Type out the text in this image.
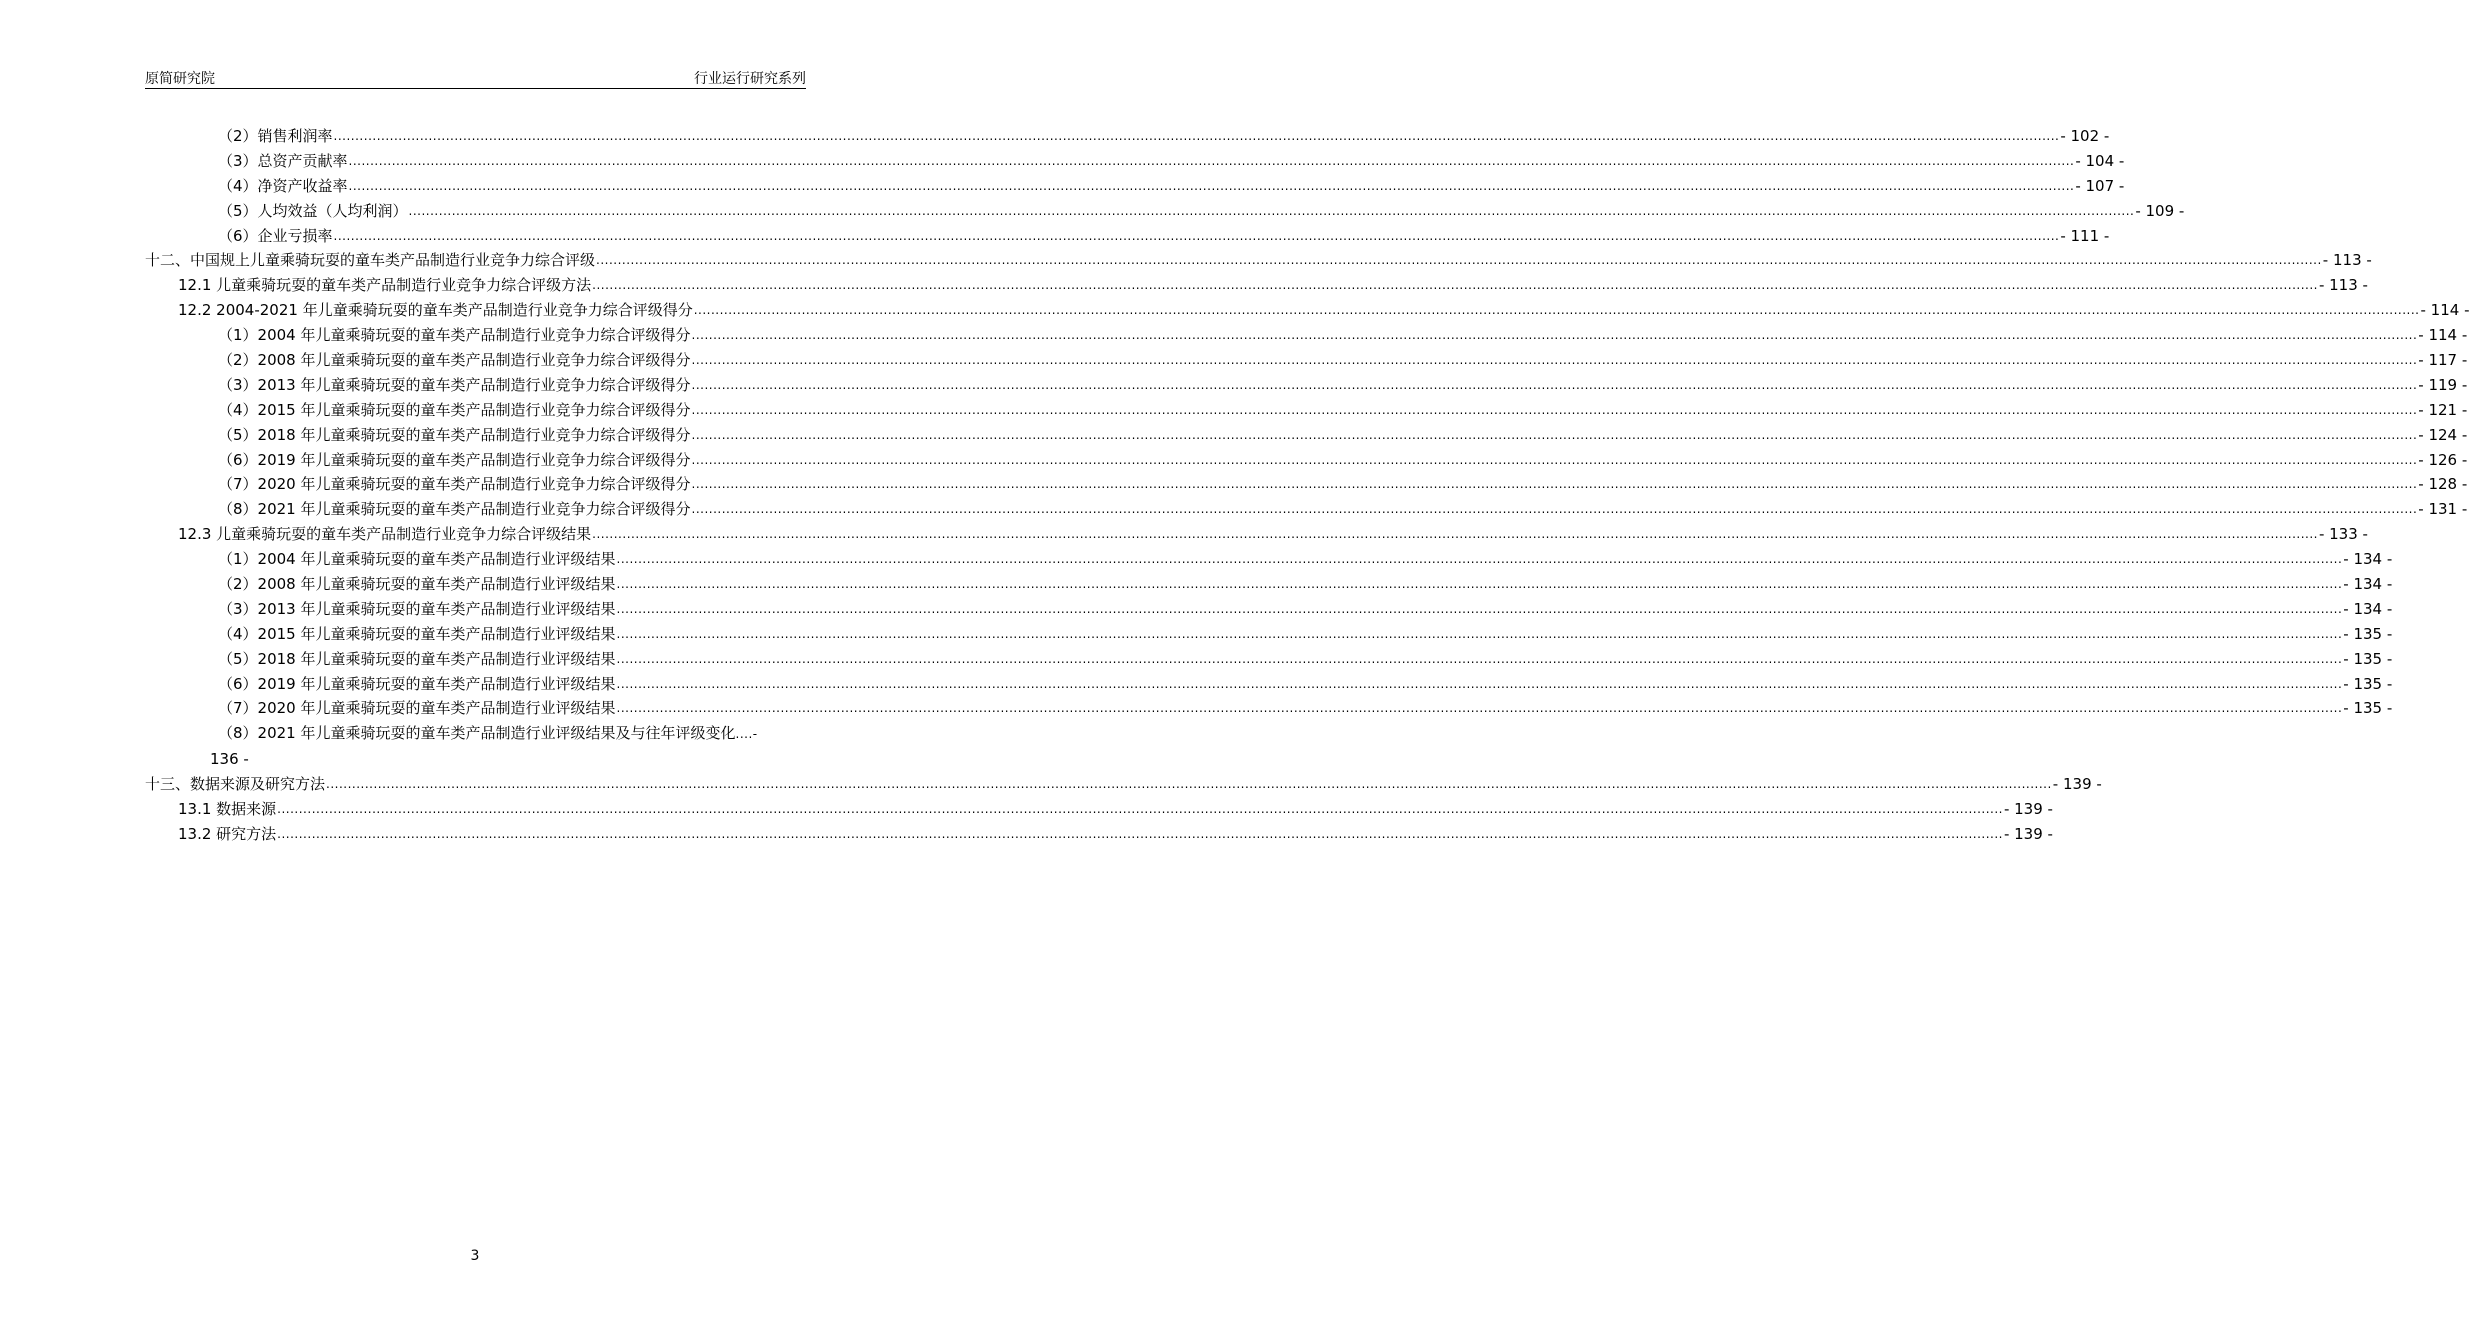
原简研究院	行业运行研究系列
（2）销售利润率 ................................................................................................................................................................................................................................................................................................................................................................................................................ - 102 -
（3）总资产贡献率 ................................................................................................................................................................................................................................................................................................................................................................................................................ - 104 -
（4）净资产收益率 ................................................................................................................................................................................................................................................................................................................................................................................................................ - 107 -
（5）人均效益（人均利润） ................................................................................................................................................................................................................................................................................................................................................................................................................ - 109 -
（6）企业亏损率 ................................................................................................................................................................................................................................................................................................................................................................................................................ - 111 -
十二、中国规上儿童乘骑玩耍的童车类产品制造行业竞争力综合评级 ................................................................................................................................................................................................................................................................................................................................................................................................................ - 113 -
12.1 儿童乘骑玩耍的童车类产品制造行业竞争力综合评级方法 ................................................................................................................................................................................................................................................................................................................................................................................................................ - 113 -
12.2 2004-2021 年儿童乘骑玩耍的童车类产品制造行业竞争力综合评级得分 ................................................................................................................................................................................................................................................................................................................................................................................................................ - 114 -
（1）2004 年儿童乘骑玩耍的童车类产品制造行业竞争力综合评级得分 ................................................................................................................................................................................................................................................................................................................................................................................................................ - 114 -
（2）2008 年儿童乘骑玩耍的童车类产品制造行业竞争力综合评级得分 ................................................................................................................................................................................................................................................................................................................................................................................................................ - 117 -
（3）2013 年儿童乘骑玩耍的童车类产品制造行业竞争力综合评级得分 ................................................................................................................................................................................................................................................................................................................................................................................................................ - 119 -
（4）2015 年儿童乘骑玩耍的童车类产品制造行业竞争力综合评级得分 ................................................................................................................................................................................................................................................................................................................................................................................................................ - 121 -
（5）2018 年儿童乘骑玩耍的童车类产品制造行业竞争力综合评级得分 ................................................................................................................................................................................................................................................................................................................................................................................................................ - 124 -
（6）2019 年儿童乘骑玩耍的童车类产品制造行业竞争力综合评级得分 ................................................................................................................................................................................................................................................................................................................................................................................................................ - 126 -
（7）2020 年儿童乘骑玩耍的童车类产品制造行业竞争力综合评级得分 ................................................................................................................................................................................................................................................................................................................................................................................................................ - 128 -
（8）2021 年儿童乘骑玩耍的童车类产品制造行业竞争力综合评级得分 ................................................................................................................................................................................................................................................................................................................................................................................................................ - 131 -
12.3 儿童乘骑玩耍的童车类产品制造行业竞争力综合评级结果 ................................................................................................................................................................................................................................................................................................................................................................................................................ - 133 -
（1）2004 年儿童乘骑玩耍的童车类产品制造行业评级结果 ................................................................................................................................................................................................................................................................................................................................................................................................................ - 134 -
（2）2008 年儿童乘骑玩耍的童车类产品制造行业评级结果 ................................................................................................................................................................................................................................................................................................................................................................................................................ - 134 -
（3）2013 年儿童乘骑玩耍的童车类产品制造行业评级结果 ................................................................................................................................................................................................................................................................................................................................................................................................................ - 134 -
（4）2015 年儿童乘骑玩耍的童车类产品制造行业评级结果 ................................................................................................................................................................................................................................................................................................................................................................................................................ - 135 -
（5）2018 年儿童乘骑玩耍的童车类产品制造行业评级结果 ................................................................................................................................................................................................................................................................................................................................................................................................................ - 135 -
（6）2019 年儿童乘骑玩耍的童车类产品制造行业评级结果 ................................................................................................................................................................................................................................................................................................................................................................................................................ - 135 -
（7）2020 年儿童乘骑玩耍的童车类产品制造行业评级结果 ................................................................................................................................................................................................................................................................................................................................................................................................................ - 135 -
（8）2021 年儿童乘骑玩耍的童车类产品制造行业评级结果及与往年评级变化....-
136 -
十三、数据来源及研究方法 ................................................................................................................................................................................................................................................................................................................................................................................................................ - 139 -
13.1 数据来源 ................................................................................................................................................................................................................................................................................................................................................................................................................ - 139 -
13.2 研究方法 ................................................................................................................................................................................................................................................................................................................................................................................................................ - 139 -
3
